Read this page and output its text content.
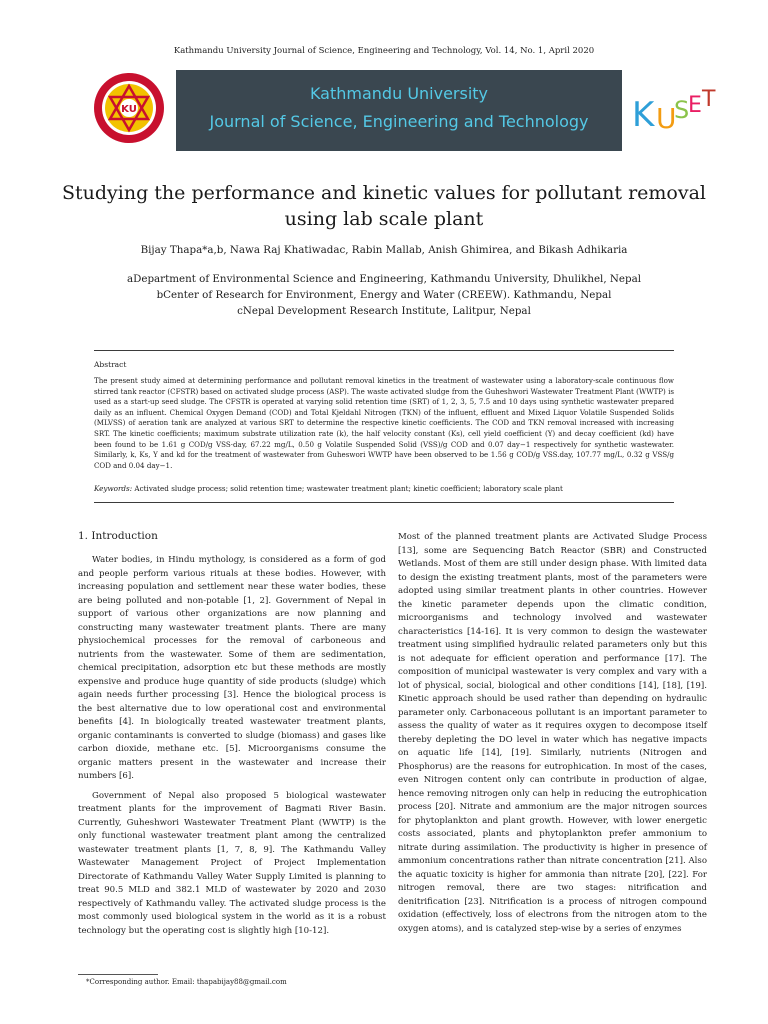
Kathmandu University Journal of Science, Engineering and Technology, Vol. 14, No. 1, April 2020
KU
Kathmandu University
Journal of Science, Engineering and Technology	K U
S
E T
KUSET
Studying the performance and kinetic values for pollutant removal using lab scale plant
Bijay Thapa*a,b, Nawa Raj Khatiwadac, Rabin Mallab, Anish Ghimirea, and Bikash Adhikaria
aDepartment of Environmental Science and Engineering, Kathmandu University, Dhulikhel, Nepal
bCenter of Research for Environment, Energy and Water (CREEW). Kathmandu, Nepal
cNepal Development Research Institute, Lalitpur, Nepal
Abstract
The present study aimed at determining performance and pollutant removal kinetics in the treatment of wastewater using a laboratory-scale continuous flow stirred tank reactor (CFSTR) based on activated sludge process (ASP). The waste activated sludge from the Guheshwori Wastewater Treatment Plant (WWTP) is used as a start-up seed sludge. The CFSTR is operated at varying solid retention time (SRT) of 1, 2, 3, 5, 7.5 and 10 days using synthetic wastewater prepared daily as an influent. Chemical Oxygen Demand (COD) and Total Kjeldahl Nitrogen (TKN) of the influent, effluent and Mixed Liquor Volatile Suspended Solids (MLVSS) of aeration tank are analyzed at various SRT to determine the respective kinetic coefficients. The COD and TKN removal increased with increasing SRT. The kinetic coefficients; maximum substrate utilization rate (k), the half velocity constant (Ks), cell yield coefficient (Y) and decay coefficient (kd) have been found to be 1.61 g COD/g VSS·day, 67.22 mg/L, 0.50 g Volatile Suspended Solid (VSS)/g COD and 0.07 day−1 respectively for synthetic wastewater. Similarly, k, Ks, Y and kd for the treatment of wastewater from Guheswori WWTP have been observed to be 1.56 g COD/g VSS.day, 107.77 mg/L, 0.32 g VSS/g COD and 0.04 day−1.
Keywords: Activated sludge process; solid retention time; wastewater treatment plant; kinetic coefficient; laboratory scale plant
1. Introduction

Water bodies, in Hindu mythology, is considered as a form of god and people perform various rituals at these bodies. However, with increasing population and settlement near these water bodies, these are being polluted and non-potable [1, 2]. Government of Nepal in support of various other organizations are now planning and constructing many wastewater treatment plants. There are many physiochemical processes for the removal of carboneous and nutrients from the wastewater. Some of them are sedimentation, chemical precipitation, adsorption etc but these methods are mostly expensive and produce huge quantity of side products (sludge) which again needs further processing [3]. Hence the biological process is the best alternative due to low operational cost and environmental benefits [4]. In biologically treated wastewater treatment plants, organic contaminants is converted to sludge (biomass) and gases like carbon dioxide, methane etc. [5]. Microorganisms consume the organic matters present in the wastewater and increase their numbers [6].

Government of Nepal also proposed 5 biological wastewater treatment plants for the improvement of Bagmati River Basin. Currently, Guheshwori Wastewater Treatment Plant (WWTP) is the only functional wastewater treatment plant among the centralized wastewater treatment plants [1, 7, 8, 9]. The Kathmandu Valley Wastewater Management Project of Project Implementation Directorate of Kathmandu Valley Water Supply Limited is planning to treat 90.5 MLD and 382.1 MLD of wastewater by 2020 and 2030 respectively of Kathmandu valley. The activated sludge process is the most commonly used biological system in the world as it is a robust technology but the operating cost is slightly high [10-12].

Most of the planned treatment plants are Activated Sludge Process [13], some are Sequencing Batch Reactor (SBR) and Constructed Wetlands. Most of them are still under design phase. With limited data to design the existing treatment plants, most of the parameters were adopted using similar treatment plants in other countries. However the kinetic parameter depends upon the climatic condition, microorganisms and technology involved and wastewater characteristics [14-16]. It is very common to design the wastewater treatment using simplified hydraulic related parameters only but this is not adequate for efficient operation and performance [17]. The composition of municipal wastewater is very complex and vary with a lot of physical, social, biological and other conditions [14], [18], [19]. Kinetic approach should be used rather than depending on hydraulic parameter only. Carbonaceous pollutant is an important parameter to assess the quality of water as it requires oxygen to decompose itself thereby depleting the DO level in water which has negative impacts on aquatic life [14], [19]. Similarly, nutrients (Nitrogen and Phosphorus) are the reasons for eutrophication. In most of the cases, even Nitrogen content only can contribute in production of algae, hence removing nitrogen only can help in reducing the eutrophication process [20]. Nitrate and ammonium are the major nitrogen sources for phytoplankton and plant growth. However, with lower energetic costs associated, plants and phytoplankton prefer ammonium to nitrate during assimilation. The productivity is higher in presence of ammonium concentrations rather than nitrate concentration [21]. Also the aquatic toxicity is higher for ammonia than nitrate [20], [22]. For nitrogen removal, there are two stages: nitrification and denitrification [23]. Nitrification is a process of nitrogen compound oxidation (effectively, loss of electrons from the nitrogen atom to the oxygen atoms), and is catalyzed step-wise by a series of enzymes

*Corresponding author. Email: thapabijay88@gmail.com
